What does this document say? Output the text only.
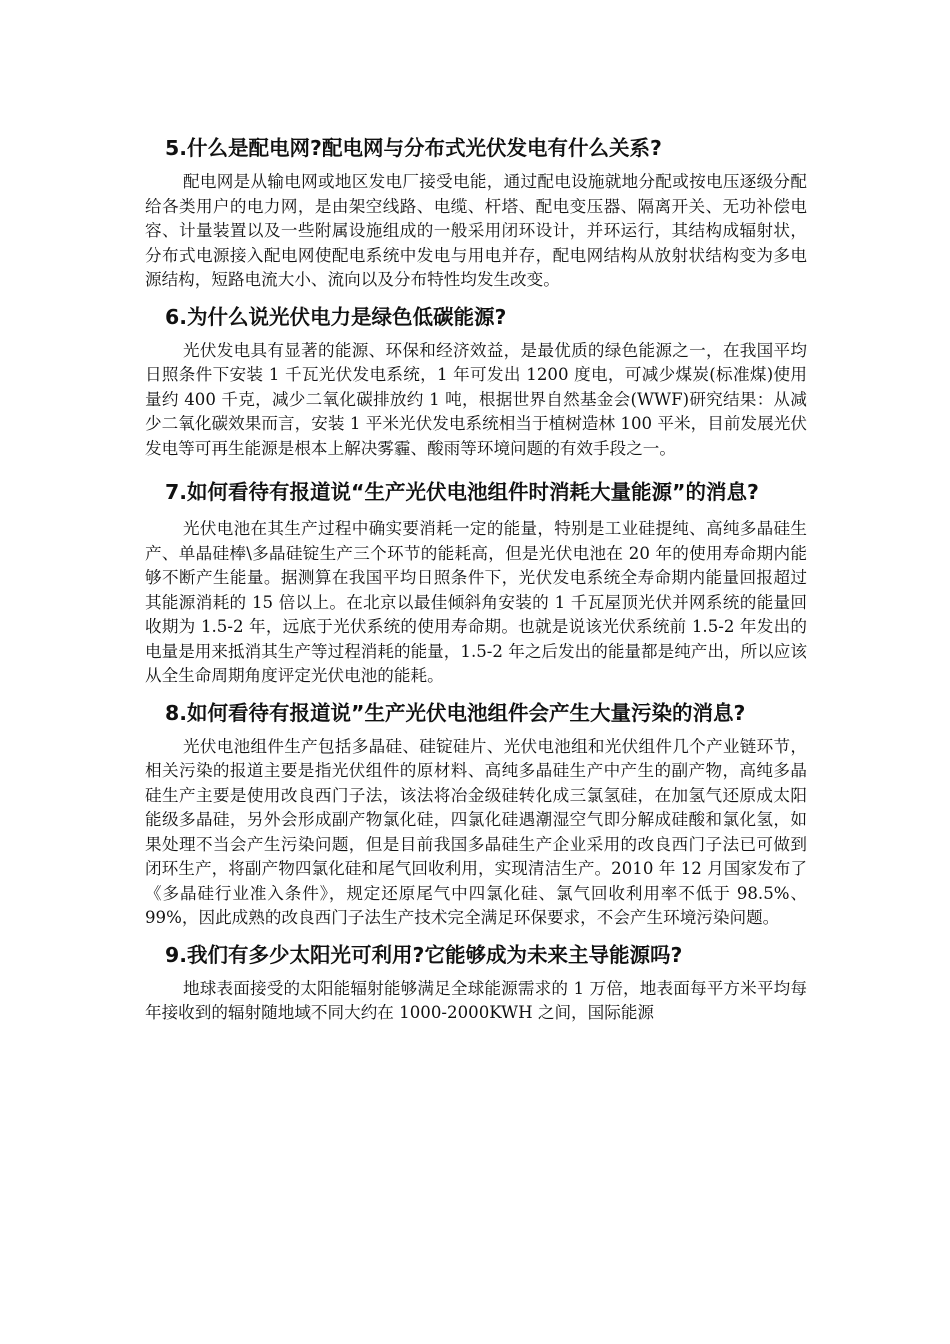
5.什么是配电网?配电网与分布式光伏发电有什么关系?

配电网是从输电网或地区发电厂接受电能，通过配电设施就地分配或按电压逐级分配给各类用户的电力网，是由架空线路、电缆、杆塔、配电变压器、隔离开关、无功补偿电容、计量装置以及一些附属设施组成的一般采用闭环设计，并环运行，其结构成辐射状，分布式电源接入配电网使配电系统中发电与用电并存，配电网结构从放射状结构变为多电源结构，短路电流大小、流向以及分布特性均发生改变。

6.为什么说光伏电力是绿色低碳能源?

光伏发电具有显著的能源、环保和经济效益，是最优质的绿色能源之一，在我国平均日照条件下安装 1 千瓦光伏发电系统，1 年可发出 1200 度电，可减少煤炭(标准煤)使用量约 400 千克，减少二氧化碳排放约 1 吨，根据世界自然基金会(WWF)研究结果：从减少二氧化碳效果而言，安装 1 平米光伏发电系统相当于植树造林 100 平米，目前发展光伏发电等可再生能源是根本上解决雾霾、酸雨等环境问题的有效手段之一。

7.如何看待有报道说“生产光伏电池组件时消耗大量能源”的消息?

光伏电池在其生产过程中确实要消耗一定的能量，特别是工业硅提纯、高纯多晶硅生产、单晶硅棒\多晶硅锭生产三个环节的能耗高，但是光伏电池在 20 年的使用寿命期内能够不断产生能量。据测算在我国平均日照条件下，光伏发电系统全寿命期内能量回报超过其能源消耗的 15 倍以上。在北京以最佳倾斜角安装的 1 千瓦屋顶光伏并网系统的能量回收期为 1.5-2 年，远底于光伏系统的使用寿命期。也就是说该光伏系统前 1.5-2 年发出的电量是用来抵消其生产等过程消耗的能量，1.5-2 年之后发出的能量都是纯产出，所以应该从全生命周期角度评定光伏电池的能耗。

8.如何看待有报道说”生产光伏电池组件会产生大量污染的消息?

光伏电池组件生产包括多晶硅、硅锭硅片、光伏电池组和光伏组件几个产业链环节，相关污染的报道主要是指光伏组件的原材料、高纯多晶硅生产中产生的副产物，高纯多晶硅生产主要是使用改良西门子法，该法将冶金级硅转化成三氯氢硅，在加氢气还原成太阳能级多晶硅，另外会形成副产物氯化硅，四氯化硅遇潮湿空气即分解成硅酸和氯化氢，如果处理不当会产生污染问题，但是目前我国多晶硅生产企业采用的改良西门子法已可做到闭环生产，将副产物四氯化硅和尾气回收利用，实现清洁生产。2010 年 12 月国家发布了《多晶硅行业准入条件》，规定还原尾气中四氯化硅、氯气回收利用率不低于 98.5%、99%，因此成熟的改良西门子法生产技术完全满足环保要求，不会产生环境污染问题。

9.我们有多少太阳光可利用?它能够成为未来主导能源吗?

地球表面接受的太阳能辐射能够满足全球能源需求的 1 万倍，地表面每平方米平均每年接收到的辐射随地域不同大约在 1000-2000KWH 之间，国际能源
